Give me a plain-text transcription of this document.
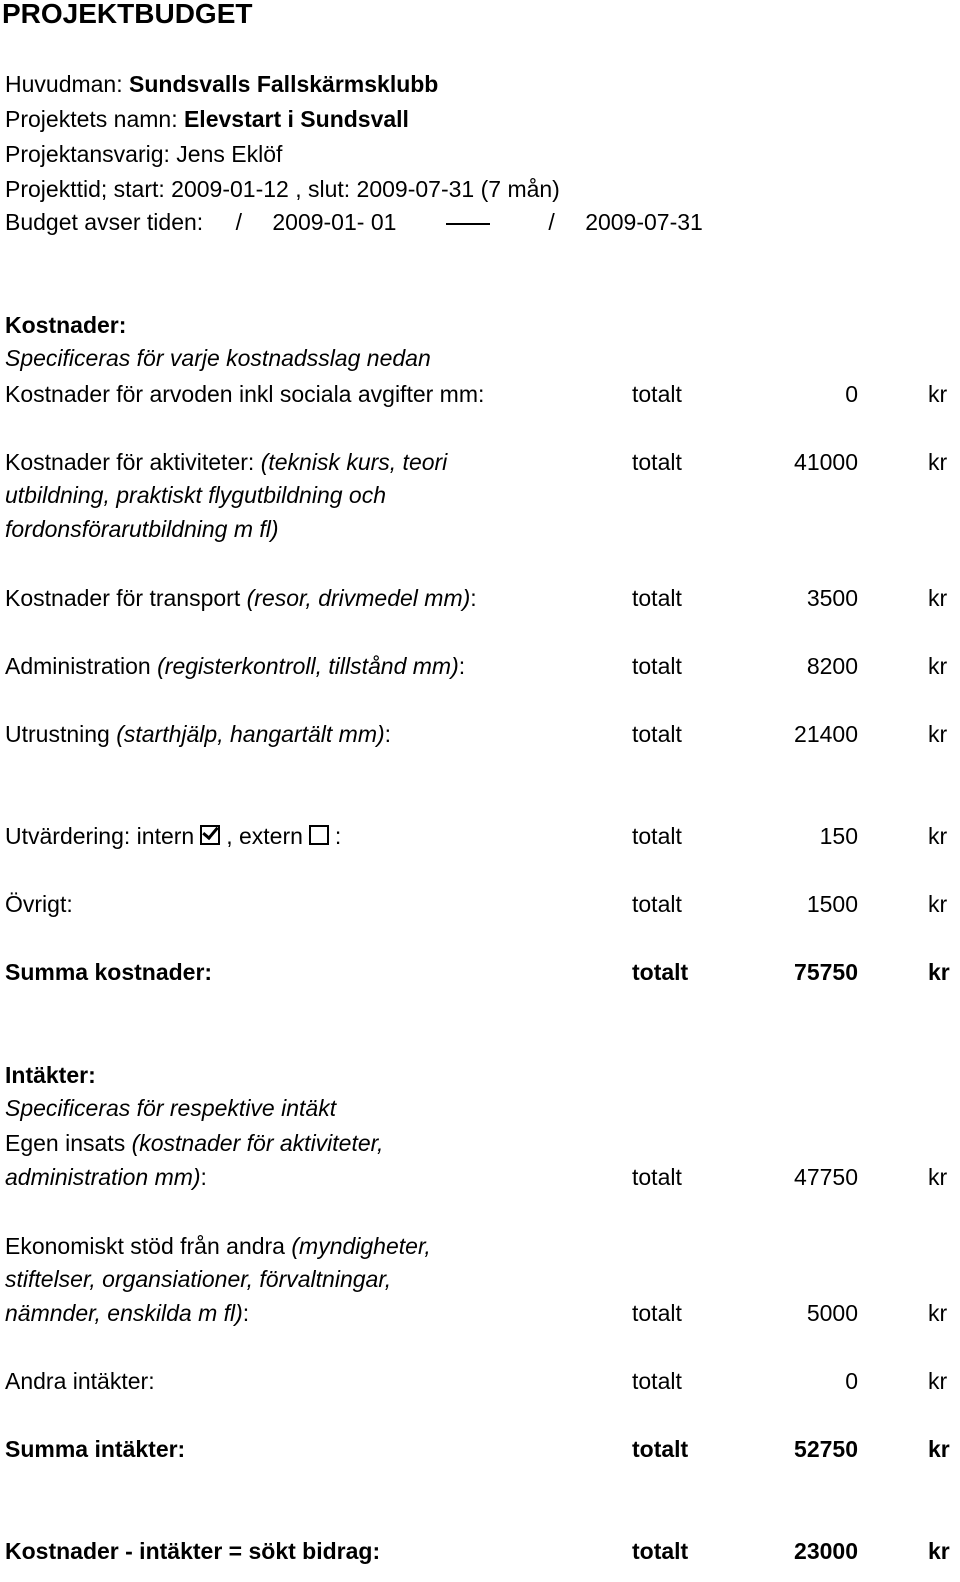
PROJEKTBUDGET
Huvudman: Sundsvalls Fallskärmsklubb
Projektets namn: Elevstart i Sundsvall
Projektansvarig: Jens Eklöf
Projekttid; start: 2009-01-12 , slut: 2009-07-31 (7 mån)
Budget avser tiden: / 2009-01- 01	/ 2009-07-31
Kostnader:
Specificeras för varje kostnadsslag nedan
Kostnader för arvoden inkl sociala avgifter mm:	totalt	0	kr
Kostnader för aktiviteter: (teknisk kurs, teori
utbildning, praktiskt flygutbildning och
fordonsförarutbildning m fl)
totalt	41000	kr
Kostnader för transport (resor, drivmedel mm):	totalt	3500	kr
Administration (registerkontroll, tillstånd mm):	totalt	8200	kr
Utrustning (starthjälp, hangartält mm):	totalt	21400	kr
Utvärdering: intern , extern :	totalt	150	kr
Övrigt:	totalt	1500	kr
Summa kostnader:	totalt	75750	kr
Intäkter:
Specificeras för respektive intäkt
Egen insats (kostnader för aktiviteter,
administration mm):	totalt	47750	kr
Ekonomiskt stöd från andra (myndigheter,
stiftelser, organsiationer, förvaltningar,
nämnder, enskilda m fl):	totalt	5000	kr
Andra intäkter:	totalt	0	kr
Summa intäkter:	totalt	52750	kr
Kostnader - intäkter = sökt bidrag:	totalt	23000	kr
